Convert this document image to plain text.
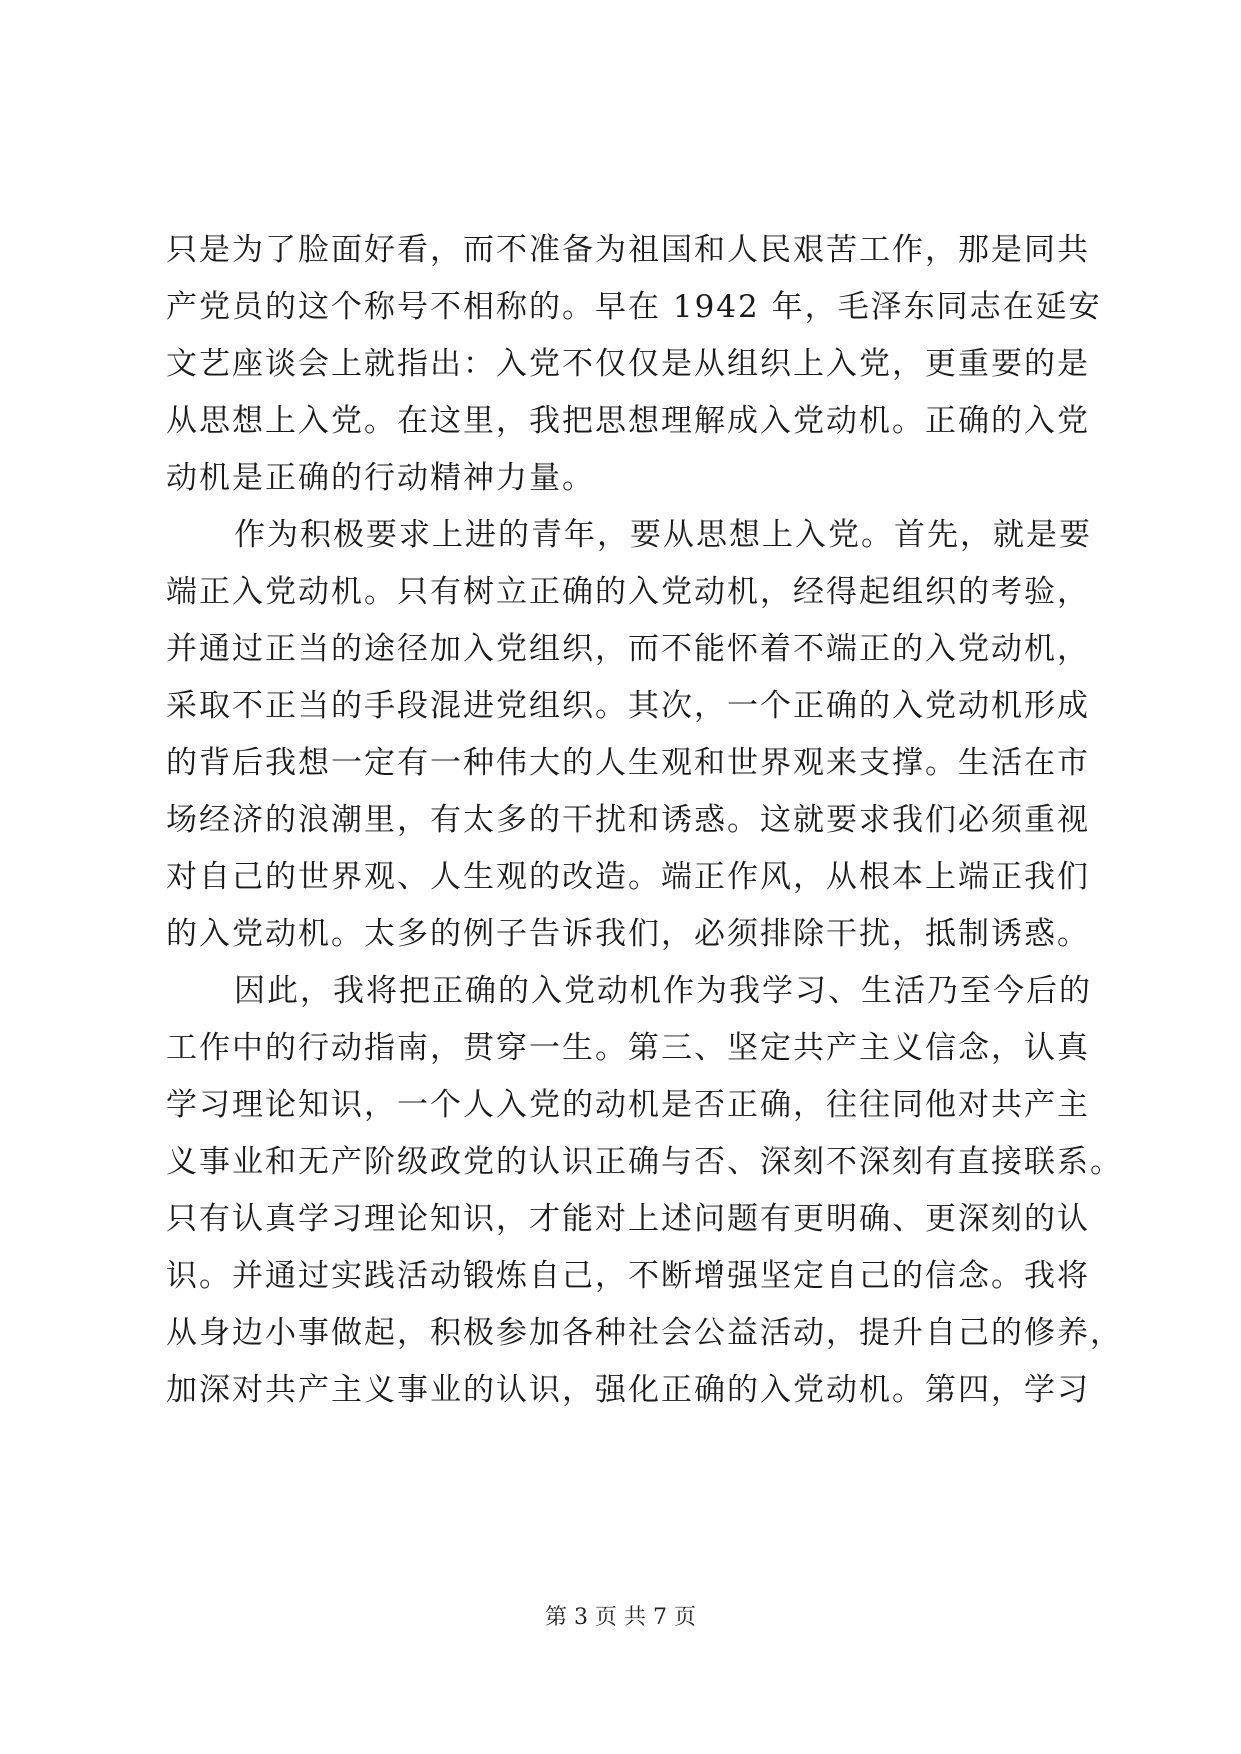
只是为了脸面好看，而不准备为祖国和人民艰苦工作，那是同共
产党员的这个称号不相称的。早在 1942 年，毛泽东同志在延安
文艺座谈会上就指出：入党不仅仅是从组织上入党，更重要的是
从思想上入党。在这里，我把思想理解成入党动机。正确的入党
动机是正确的行动精神力量。
作为积极要求上进的青年，要从思想上入党。首先，就是要
端正入党动机。只有树立正确的入党动机，经得起组织的考验，
并通过正当的途径加入党组织，而不能怀着不端正的入党动机，
采取不正当的手段混进党组织。其次，一个正确的入党动机形成
的背后我想一定有一种伟大的人生观和世界观来支撑。生活在市
场经济的浪潮里，有太多的干扰和诱惑。这就要求我们必须重视
对自己的世界观、人生观的改造。端正作风，从根本上端正我们
的入党动机。太多的例子告诉我们，必须排除干扰，抵制诱惑。
因此，我将把正确的入党动机作为我学习、生活乃至今后的
工作中的行动指南，贯穿一生。第三、坚定共产主义信念，认真
学习理论知识，一个人入党的动机是否正确，往往同他对共产主
义事业和无产阶级政党的认识正确与否、深刻不深刻有直接联系。
只有认真学习理论知识，才能对上述问题有更明确、更深刻的认
识。并通过实践活动锻炼自己，不断增强坚定自己的信念。我将
从身边小事做起，积极参加各种社会公益活动，提升自己的修养，
加深对共产主义事业的认识，强化正确的入党动机。第四，学习
第 3 页 共 7 页
